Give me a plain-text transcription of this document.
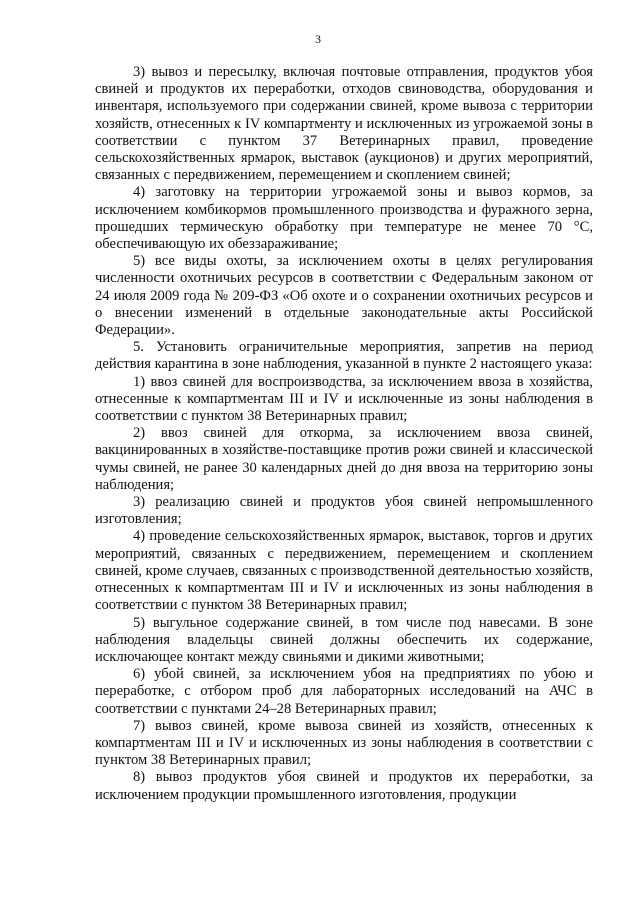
3

3) вывоз и пересылку, включая почтовые отправления, продуктов убоя свиней и продуктов их переработки, отходов свиноводства, оборудования и инвентаря, используемого при содержании свиней, кроме вывоза с территории хозяйств, отнесенных к IV компартменту и исключенных из угрожаемой зоны в соответствии с пунктом 37 Ветеринарных правил, проведение сельскохозяйственных ярмарок, выставок (аукционов) и других мероприятий, связанных с передвижением, перемещением и скоплением свиней;

4) заготовку на территории угрожаемой зоны и вывоз кормов, за исключением комбикормов промышленного производства и фуражного зерна, прошедших термическую обработку при температуре не менее 70 °С, обеспечивающую их обеззараживание;

5) все виды охоты, за исключением охоты в целях регулирования численности охотничьих ресурсов в соответствии с Федеральным законом от 24 июля 2009 года № 209-ФЗ «Об охоте и о сохранении охотничьих ресурсов и о внесении изменений в отдельные законодательные акты Российской Федерации».

5. Установить ограничительные мероприятия, запретив на период действия карантина в зоне наблюдения, указанной в пункте 2 настоящего указа:

1) ввоз свиней для воспроизводства, за исключением ввоза в хозяйства, отнесенные к компартментам III и IV и исключенные из зоны наблюдения в соответствии с пунктом 38 Ветеринарных правил;

2) ввоз свиней для откорма, за исключением ввоза свиней, вакцинированных в хозяйстве-поставщике против рожи свиней и классической чумы свиней, не ранее 30 календарных дней до дня ввоза на территорию зоны наблюдения;

3) реализацию свиней и продуктов убоя свиней непромышленного изготовления;

4) проведение сельскохозяйственных ярмарок, выставок, торгов и других мероприятий, связанных с передвижением, перемещением и скоплением свиней, кроме случаев, связанных с производственной деятельностью хозяйств, отнесенных к компартментам III и IV и исключенных из зоны наблюдения в соответствии с пунктом 38 Ветеринарных правил;

5) выгульное содержание свиней, в том числе под навесами. В зоне наблюдения владельцы свиней должны обеспечить их содержание, исключающее контакт между свиньями и дикими животными;

6) убой свиней, за исключением убоя на предприятиях по убою и переработке, с отбором проб для лабораторных исследований на АЧС в соответствии с пунктами 24–28 Ветеринарных правил;

7) вывоз свиней, кроме вывоза свиней из хозяйств, отнесенных к компартментам III и IV и исключенных из зоны наблюдения в соответствии с пунктом 38 Ветеринарных правил;

8) вывоз продуктов убоя свиней и продуктов их переработки, за исключением продукции промышленного изготовления, продукции
